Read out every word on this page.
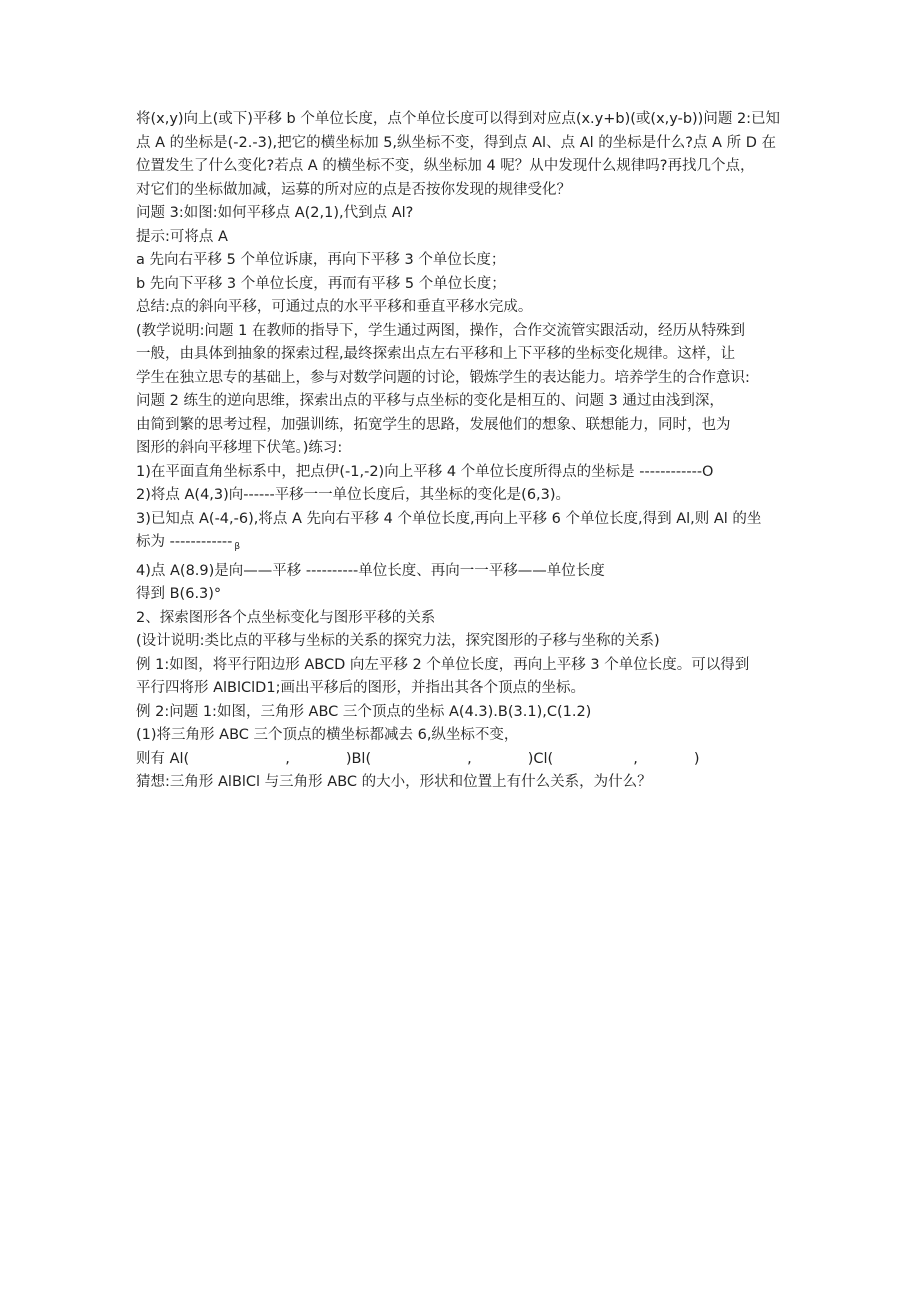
将(x,y)向上(或下)平移 b 个单位长度，点个单位长度可以得到对应点(x.y+b)(或(x,y-b))问题 2:已知
点 A 的坐标是(-2.-3),把它的横坐标加 5,纵坐标不变，得到点 Al、点 Al 的坐标是什么?点 A 所 D 在
位置发生了什么变化?若点 A 的横坐标不变，纵坐标加 4 呢？从中发现什么规律吗?再找几个点，
对它们的坐标做加减，运募的所对应的点是否按你发现的规律受化？
问题 3:如图:如何平移点 A(2,1),代到点 Al?
提示:可将点 A
a 先向右平移 5 个单位诉康，再向下平移 3 个单位长度；
b 先向下平移 3 个单位长度，再而有平移 5 个单位长度；
总结:点的斜向平移，可通过点的水平平移和垂直平移水完成。
(教学说明:问题 1 在教师的指导下，学生通过两图，操作，合作交流管实跟活动，经历从特殊到
一般，由具体到抽象的探索过程,最终探索出点左右平移和上下平移的坐标变化规律。这样，让
学生在独立思专的基础上，参与对数学问题的讨论，锻炼学生的表达能力。培养学生的合作意识:
问题 2 练生的逆向思维，探索出点的平移与点坐标的变化是相互的、问题 3 通过由浅到深，
由简到繁的思考过程，加强训练，拓宽学生的思路，发展他们的想象、联想能力，同时，也为
图形的斜向平移埋下伏笔。)练习:
1)在平面直角坐标系中，把点伊(-1,-2)向上平移 4 个单位长度所得点的坐标是 ------------O
2)将点 A(4,3)向------平移一一单位长度后，其坐标的变化是(6,3)。
3)已知点 A(-4,-6),将点 A 先向右平移 4 个单位长度,再向上平移 6 个单位长度,得到 Al,则 Al 的坐
标为 ------------ $_\beta$
4)点 A(8.9)是向——平移 ----------单位长度、再向一一平移——单位长度
得到 B(6.3)°
2、探索图形各个点坐标变化与图形平移的关系
(设计说明:类比点的平移与坐标的关系的探究力法，探究图形的子移与坐称的关系)
例 1:如图，将平行阳边形 ABCD 向左平移 2 个单位长度，再向上平移 3 个单位长度。可以得到
平行四将形 AlBlClD1;画出平移后的图形，并指出其各个顶点的坐标。
例 2:问题 1:如图，三角形 ABC 三个顶点的坐标 A(4.3).B(3.1),C(1.2)
(1)将三角形 ABC 三个顶点的横坐标都减去 6,纵坐标不变，
则有 Al(	,	)Bl(	,	)Cl(	,	)
猜想:三角形 AlBlCl 与三角形 ABC 的大小，形状和位置上有什么关系，为什么？
